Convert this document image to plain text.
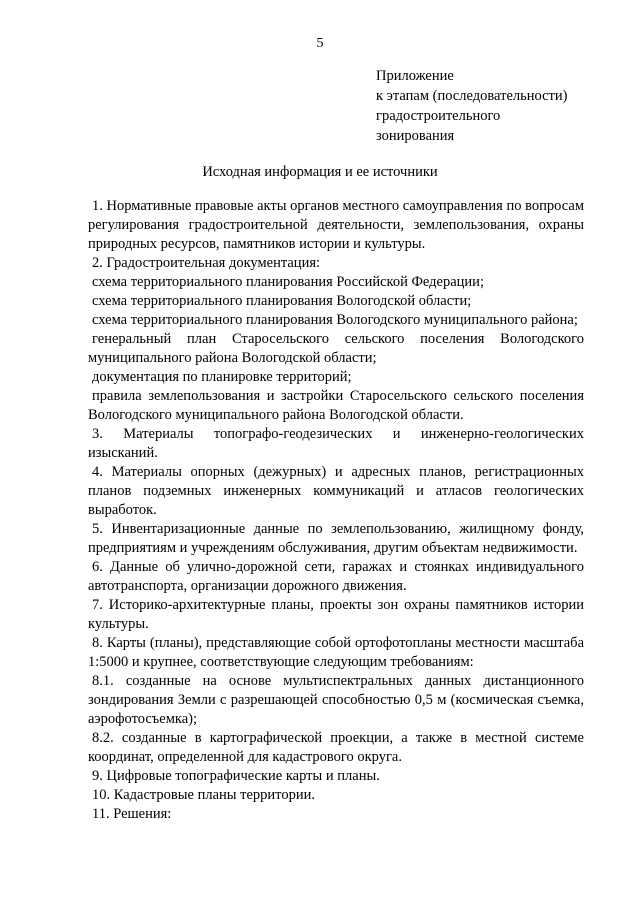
5
Приложение
к этапам (последовательности)
градостроительного
зонирования
Исходная информация и ее источники
1. Нормативные правовые акты органов местного самоуправления по вопросам регулирования градостроительной деятельности, землепользования, охраны природных ресурсов, памятников истории и культуры.
2. Градостроительная документация:
схема территориального планирования Российской Федерации;
схема территориального планирования Вологодской области;
схема территориального планирования Вологодского муниципального района;
генеральный план Старосельского сельского поселения Вологодского муниципального района Вологодской области;
документация по планировке территорий;
правила землепользования и застройки Старосельского сельского поселения Вологодского муниципального района Вологодской области.
3. Материалы топографо-геодезических и инженерно-геологических изысканий.
4. Материалы опорных (дежурных) и адресных планов, регистрационных планов подземных инженерных коммуникаций и атласов геологических выработок.
5. Инвентаризационные данные по землепользованию, жилищному фонду, предприятиям и учреждениям обслуживания, другим объектам недвижимости.
6. Данные об улично-дорожной сети, гаражах и стоянках индивидуального автотранспорта, организации дорожного движения.
7. Историко-архитектурные планы, проекты зон охраны памятников истории культуры.
8. Карты (планы), представляющие собой ортофотопланы местности масштаба 1:5000 и крупнее, соответствующие следующим требованиям:
8.1. созданные на основе мультиспектральных данных дистанционного зондирования Земли с разрешающей способностью 0,5 м (космическая съемка, аэрофотосъемка);
8.2. созданные в картографической проекции, а также в местной системе координат, определенной для кадастрового округа.
9. Цифровые топографические карты и планы.
10. Кадастровые планы территории.
11. Решения:
